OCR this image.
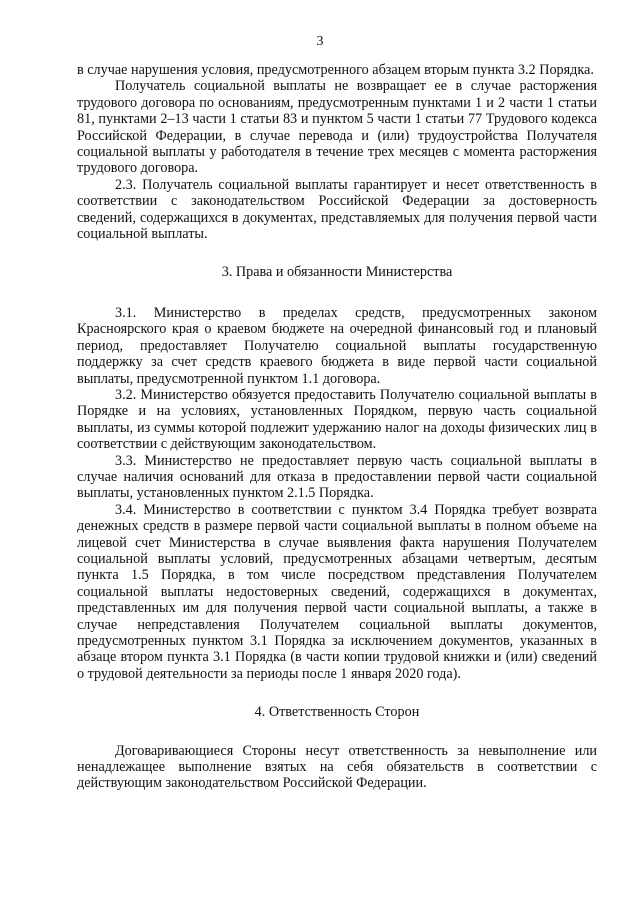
3

в случае нарушения условия, предусмотренного абзацем вторым пункта 3.2 Порядка.

Получатель социальной выплаты не возвращает ее в случае расторжения трудового договора по основаниям, предусмотренным пунктами 1 и 2 части 1 статьи 81, пунктами 2–13 части 1 статьи 83 и пунктом 5 части 1 статьи 77 Трудового кодекса Российской Федерации, в случае перевода и (или) трудоустройства Получателя социальной выплаты у работодателя в течение трех месяцев с момента расторжения трудового договора.

2.3. Получатель социальной выплаты гарантирует и несет ответственность в соответствии с законодательством Российской Федерации за достоверность сведений, содержащихся в документах, представляемых для получения первой части социальной выплаты.

3. Права и обязанности Министерства

3.1. Министерство в пределах средств, предусмотренных законом Красноярского края о краевом бюджете на очередной финансовый год и плановый период, предоставляет Получателю социальной выплаты государственную поддержку за счет средств краевого бюджета в виде первой части социальной выплаты, предусмотренной пунктом 1.1 договора.

3.2. Министерство обязуется предоставить Получателю социальной выплаты в Порядке и на условиях, установленных Порядком, первую часть социальной выплаты, из суммы которой подлежит удержанию налог на доходы физических лиц в соответствии с действующим законодательством.

3.3. Министерство не предоставляет первую часть социальной выплаты в случае наличия оснований для отказа в предоставлении первой части социальной выплаты, установленных пунктом 2.1.5 Порядка.

3.4. Министерство в соответствии с пунктом 3.4 Порядка требует возврата денежных средств в размере первой части социальной выплаты в полном объеме на лицевой счет Министерства в случае выявления факта нарушения Получателем социальной выплаты условий, предусмотренных абзацами четвертым, десятым пункта 1.5 Порядка, в том числе посредством представления Получателем социальной выплаты недостоверных сведений, содержащихся в документах, представленных им для получения первой части социальной выплаты, а также в случае непредставления Получателем социальной выплаты документов, предусмотренных пунктом 3.1 Порядка за исключением документов, указанных в абзаце втором пункта 3.1 Порядка (в части копии трудовой книжки и (или) сведений о трудовой деятельности за периоды после 1 января 2020 года).

4. Ответственность Сторон

Договаривающиеся Стороны несут ответственность за невыполнение или ненадлежащее выполнение взятых на себя обязательств в соответствии с действующим законодательством Российской Федерации.
